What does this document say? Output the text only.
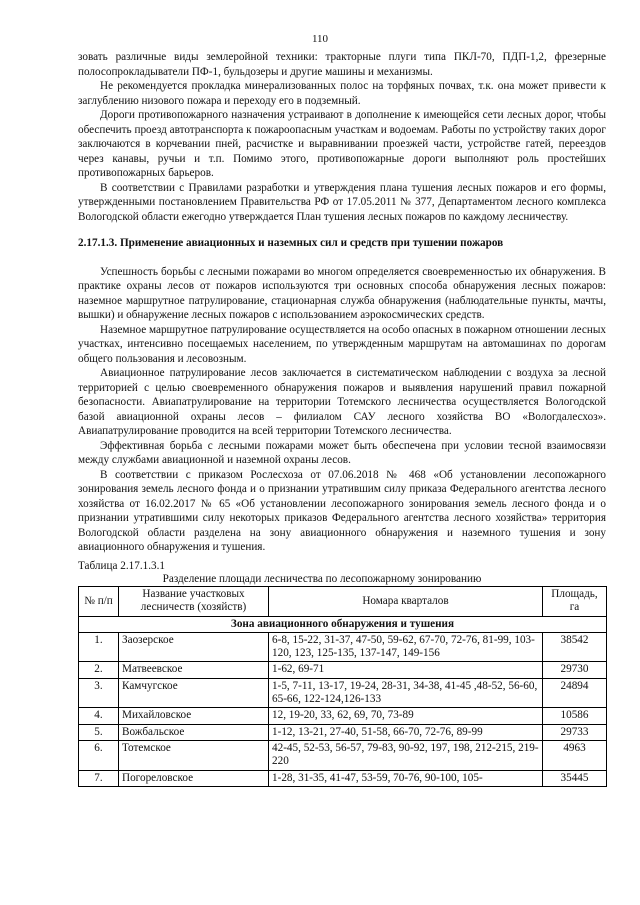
110

зовать различные виды землеройной техники: тракторные плуги типа ПКЛ-70, ПДП-1,2, фрезерные полосопрокладыватели ПФ-1, бульдозеры и другие машины и механизмы.

Не рекомендуется прокладка минерализованных полос на торфяных почвах, т.к. она может привести к заглублению низового пожара и переходу его в подземный.

Дороги противопожарного назначения устраивают в дополнение к имеющейся сети лесных дорог, чтобы обеспечить проезд автотранспорта к пожароопасным участкам и водоемам. Работы по устройству таких дорог заключаются в корчевании пней, расчистке и выравнивании проезжей части, устройстве гатей, переездов через канавы, ручьи и т.п. Помимо этого, противопожарные дороги выполняют роль простейших противопожарных барьеров.

В соответствии с Правилами разработки и утверждения плана тушения лесных пожаров и его формы, утвержденными постановлением Правительства РФ от 17.05.2011 № 377, Департаментом лесного комплекса Вологодской области ежегодно утверждается План тушения лесных пожаров по каждому лесничеству.

2.17.1.3. Применение авиационных и наземных сил и средств при тушении пожаров

Успешность борьбы с лесными пожарами во многом определяется своевременностью их обнаружения. В практике охраны лесов от пожаров используются три основных способа обнаружения лесных пожаров: наземное маршрутное патрулирование, стационарная служба обнаружения (наблюдательные пункты, мачты, вышки) и обнаружение лесных пожаров с использованием аэрокосмических средств.

Наземное маршрутное патрулирование осуществляется на особо опасных в пожарном отношении лесных участках, интенсивно посещаемых населением, по утвержденным маршрутам на автомашинах по дорогам общего пользования и лесовозным.

Авиационное патрулирование лесов заключается в систематическом наблюдении с воздуха за лесной территорией с целью своевременного обнаружения пожаров и выявления нарушений правил пожарной безопасности. Авиапатрулирование на территории Тотемского лесничества осуществляется Вологодской базой авиационной охраны лесов – филиалом САУ лесного хозяйства ВО «Вологдалесхоз». Авиапатрулирование проводится на всей территории Тотемского лесничества.

Эффективная борьба с лесными пожарами может быть обеспечена при условии тесной взаимосвязи между службами авиационной и наземной охраны лесов.

В соответствии с приказом Рослесхоза от 07.06.2018 № 468 «Об установлении лесопожарного зонирования земель лесного фонда и о признании утратившим силу приказа Федерального агентства лесного хозяйства от 16.02.2017 № 65 «Об установлении лесопожарного зонирования земель лесного фонда и о признании утратившими силу некоторых приказов Федерального агентства лесного хозяйства» территория Вологодской области разделена на зону авиационного обнаружения и наземного тушения и зону авиационного обнаружения и тушения.

Таблица 2.17.1.3.1

Разделение площади лесничества по лесопожарному зонированию

№ п/п	Название участковых лесничеств (хозяйств)	Номара кварталов	Площадь, га
Зона авиационного обнаружения и тушения			
1.	Заозерское	6-8, 15-22, 31-37, 47-50, 59-62, 67-70, 72-76, 81-99, 103-120, 123, 125-135, 137-147, 149-156	38542
2.	Матвеевское	1-62, 69-71	29730
3.	Камчугское	1-5, 7-11, 13-17, 19-24, 28-31, 34-38, 41-45 ,48-52, 56-60, 65-66, 122-124,126-133	24894
4.	Михайловское	12, 19-20, 33, 62, 69, 70, 73-89	10586
5.	Вожбальское	1-12, 13-21, 27-40, 51-58, 66-70, 72-76, 89-99	29733
6.	Тотемское	42-45, 52-53, 56-57, 79-83, 90-92, 197, 198, 212-215, 219-220	4963
7.	Погореловское	1-28, 31-35, 41-47, 53-59, 70-76, 90-100, 105-	35445
